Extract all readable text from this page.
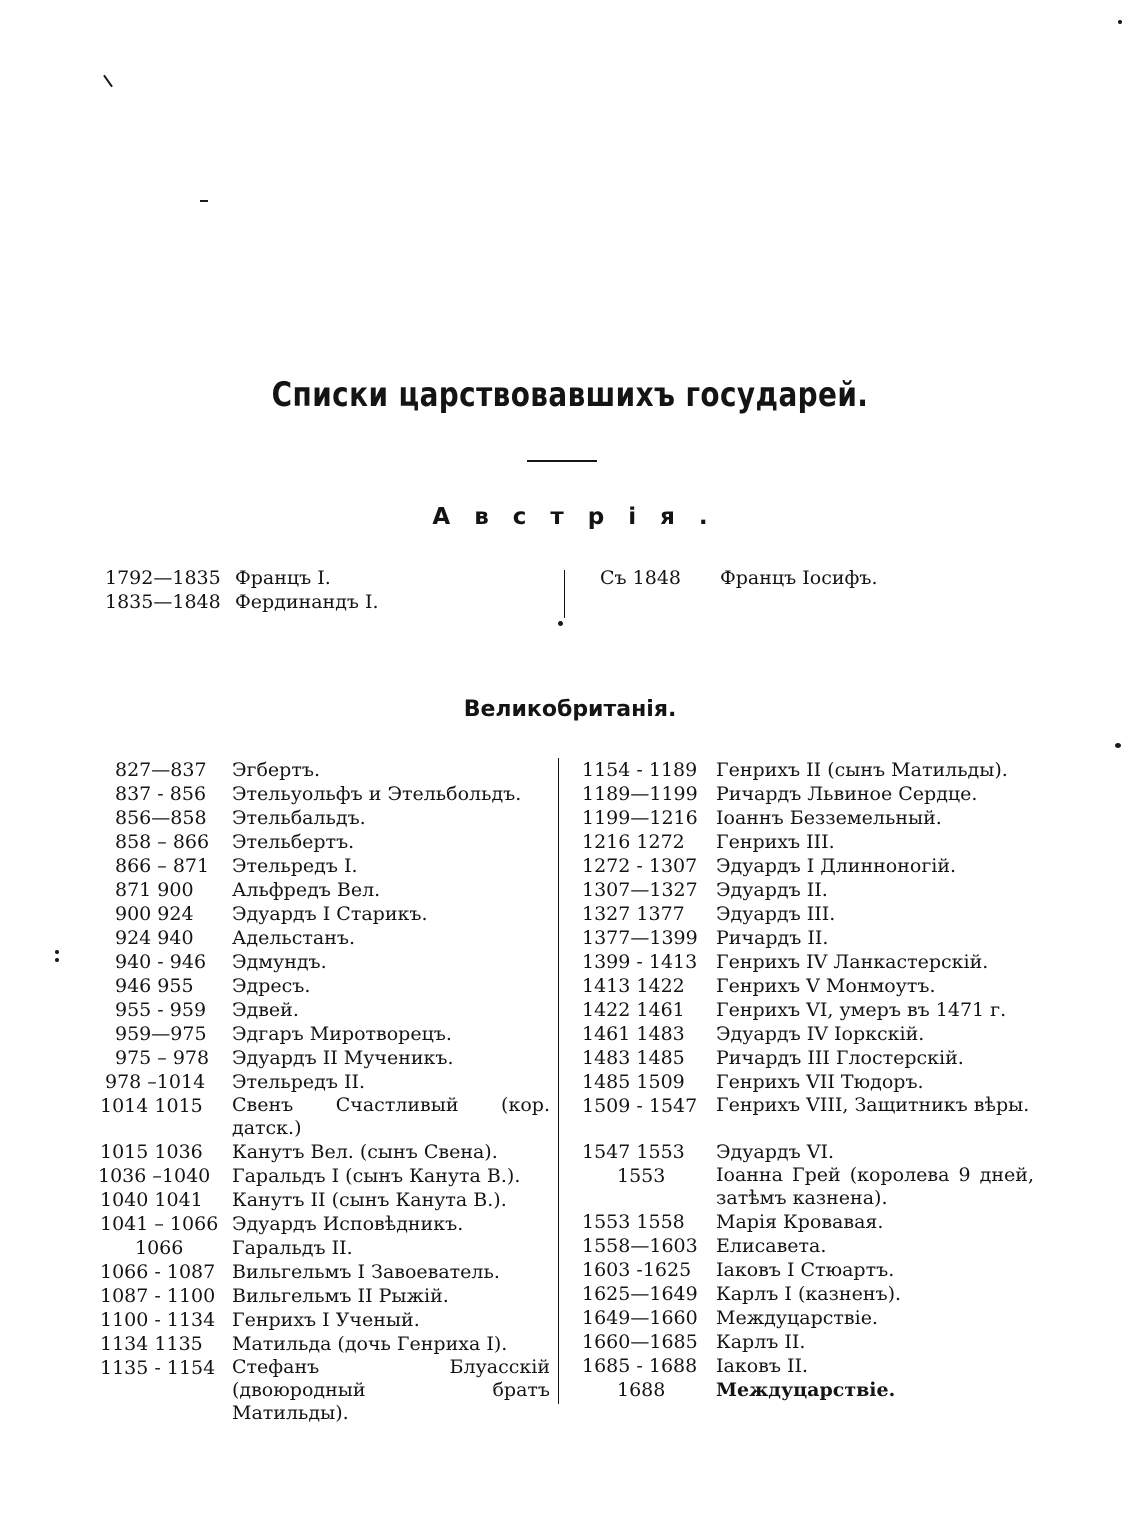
Списки царствовавшихъ государей.
Австрія.
1792—1835 Францъ I.
1835—1848 Фердинандъ I.
Съ 1848 Францъ Іосифъ.
Великобританія.
827—837 Эгбертъ.
837 - 856 Этельуольфъ и Этельбольдъ.
856—858 Этельбальдъ.
858 – 866 Этельбертъ.
866 – 871 Этельредъ I.
871 900 Альфредъ Вел.
900 924 Эдуардъ I Старикъ.
924 940 Адельстанъ.
940 - 946 Эдмундъ.
946 955 Эдресъ.
955 - 959 Эдвей.
959—975 Эдгаръ Миротворецъ.
975 – 978 Эдуардъ II Мученикъ.
978 –1014 Этельредъ II.
1014 1015 Свенъ Счастливый (кор. датск.)
1015 1036 Канутъ Вел. (сынъ Свена).
1036 –1040 Гаральдъ I (сынъ Канута В.).
1040 1041 Канутъ II (сынъ Канута В.).
1041 – 1066 Эдуардъ Исповѣдникъ.
1066	Гаральдъ II.
1066 - 1087 Вильгельмъ I Завоеватель.
1087 - 1100 Вильгельмъ II Рыжій.
1100 - 1134 Генрихъ I Ученый.
1134 1135 Матильда (дочь Генриха I).
1135 - 1154 Стефанъ Блуасскій (двоюродный братъ Матильды).
1154 - 1189 Генрихъ II (сынъ Матильды).
1189—1199 Ричардъ Львиное Сердце.
1199—1216 Іоаннъ Безземельный.
1216 1272 Генрихъ III.
1272 - 1307 Эдуардъ I Длинноногій.
1307—1327 Эдуардъ II.
1327 1377 Эдуардъ III.
1377—1399 Ричардъ II.
1399 - 1413 Генрихъ IV Ланкастерскій.
1413 1422 Генрихъ V Монмоутъ.
1422 1461 Генрихъ VI, умеръ въ 1471 г.
1461 1483 Эдуардъ IV Іоркскій.
1483 1485 Ричардъ III Глостерскій.
1485 1509 Генрихъ VII Тюдоръ.
1509 - 1547 Генрихъ VIII, Защитникъ вѣры.
1547 1553 Эдуардъ VI.
1553	Іоанна Грей (королева 9 дней, затѣмъ казнена).
1553 1558 Марія Кровавая.
1558—1603 Елисавета.
1603 -1625 Іаковъ I Стюартъ.
1625—1649 Карлъ I (казненъ).
1649—1660 Междуцарствіе.
1660—1685 Карлъ II.
1685 - 1688 Іаковъ II.
1688	Междуцарствіе.
